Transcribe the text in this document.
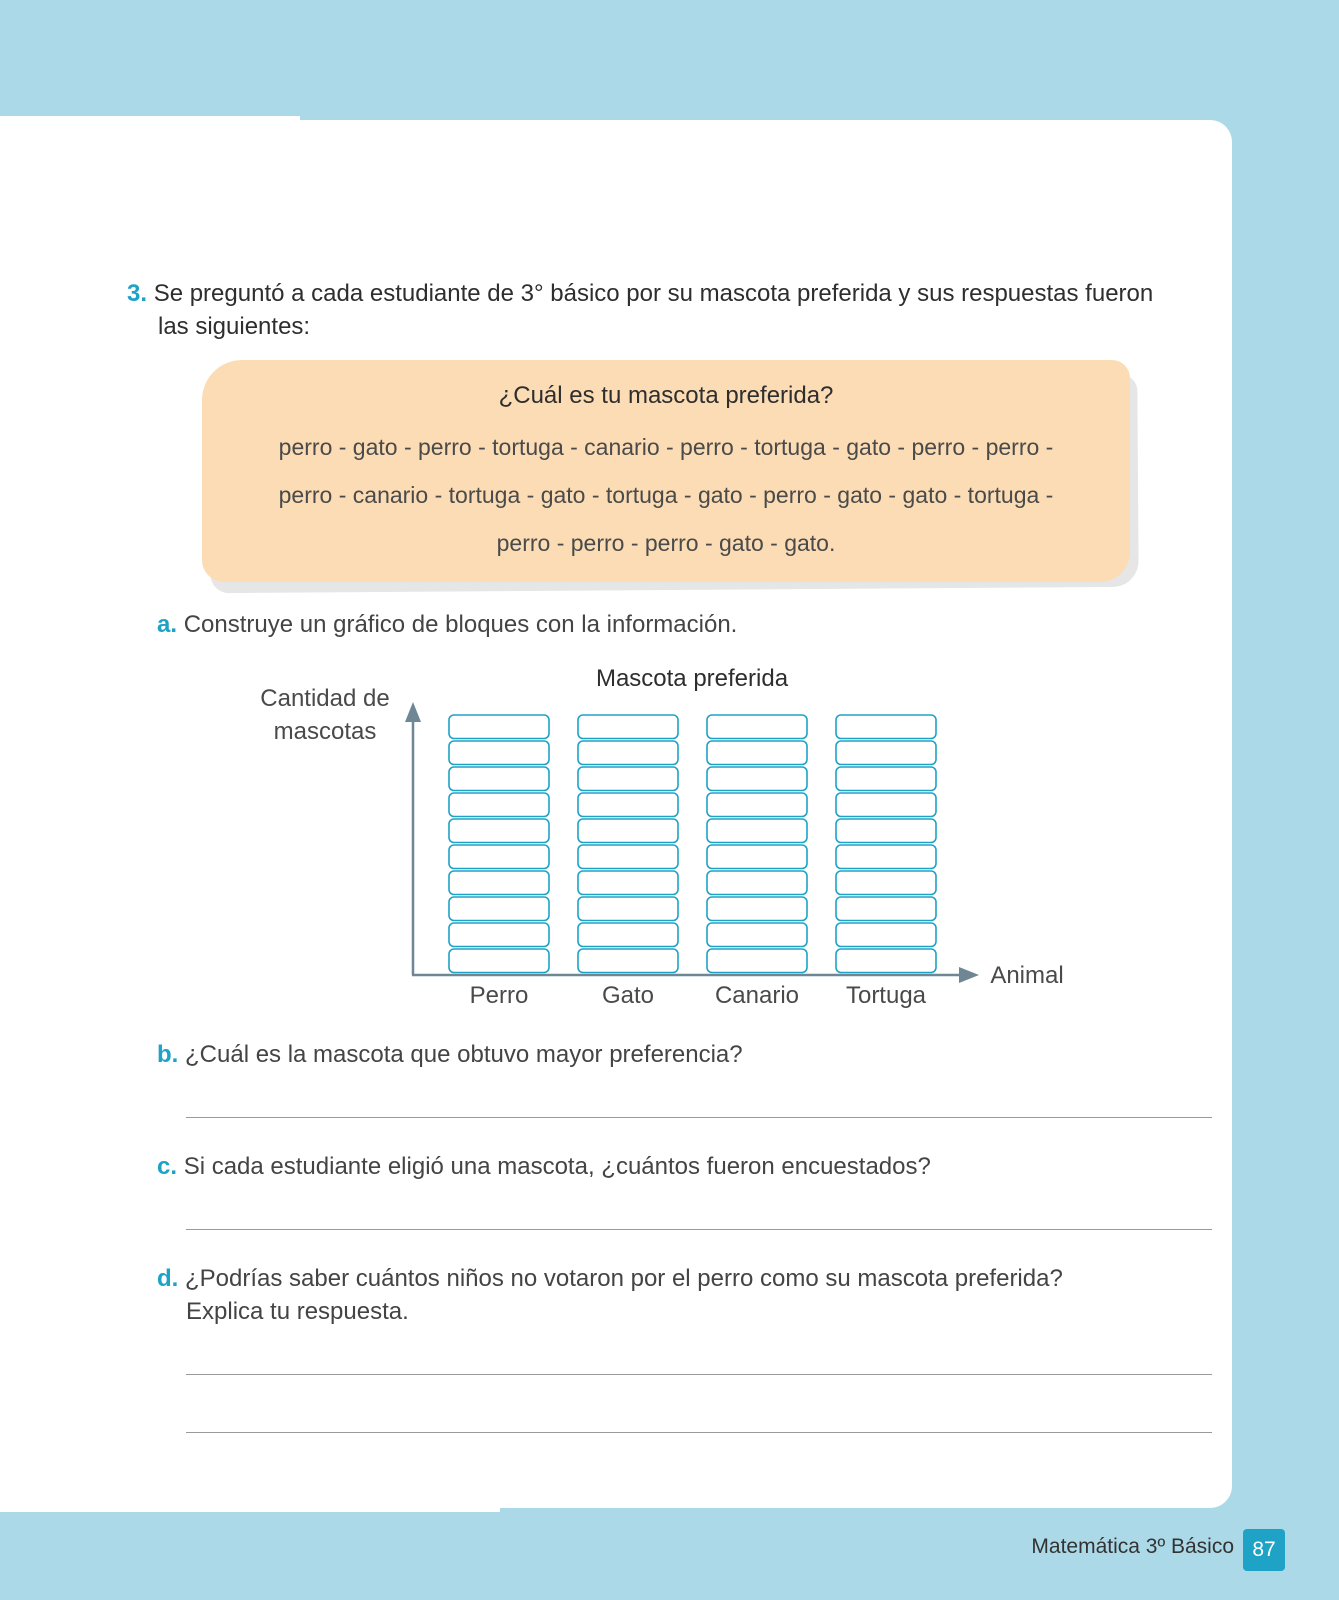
3. Se preguntó a cada estudiante de 3° básico por su mascota preferida y sus respuestas fueron
las siguientes:
¿Cuál es tu mascota preferida?
perro - gato - perro - tortuga - canario - perro - tortuga - gato - perro - perro -
perro - canario - tortuga - gato - tortuga - gato - perro - gato - gato - tortuga -
perro - perro - perro - gato - gato.
a. Construye un gráfico de bloques con la información.
Mascota preferida
Cantidad de
mascotas
Animal
Perro	Gato	Canario Tortuga
b. ¿Cuál es la mascota que obtuvo mayor preferencia?
c. Si cada estudiante eligió una mascota, ¿cuántos fueron encuestados?
d. ¿Podrías saber cuántos niños no votaron por el perro como su mascota preferida?
Explica tu respuesta.
Matemática 3º Básico 87
